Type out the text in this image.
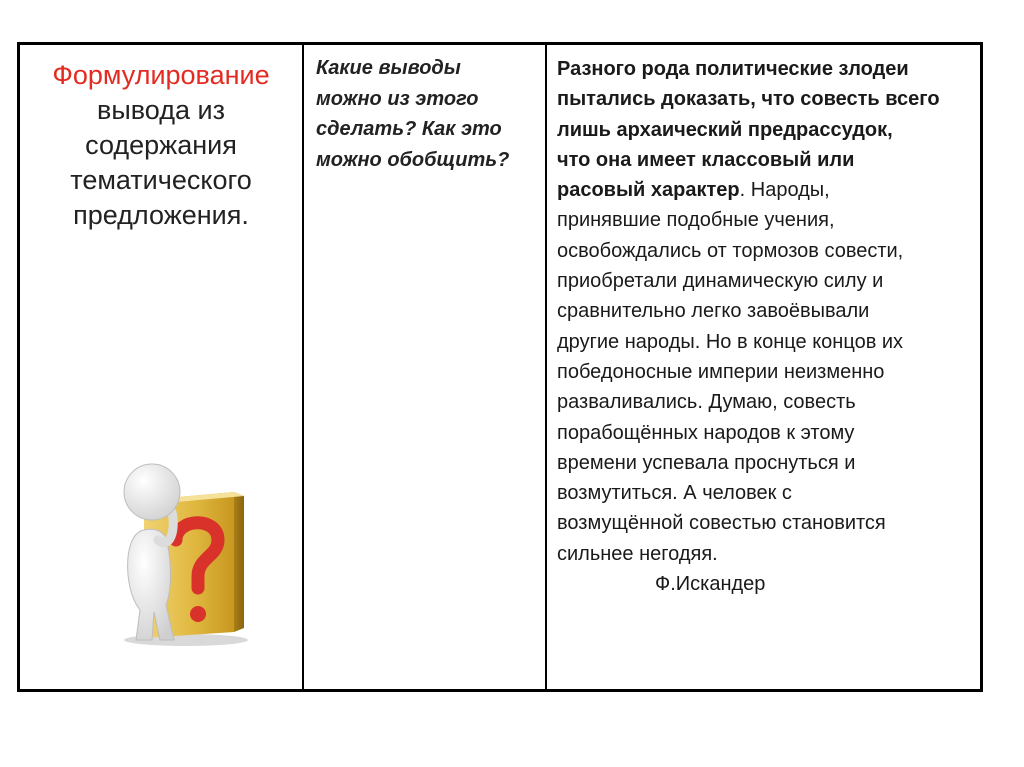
Формулирование
вывода из
содержания
тематического
предложения.
Какие выводы
можно из этого
сделать? Как это
можно обобщить?
Разного рода политические злодеи
пытались доказать, что совесть всего
лишь архаический предрассудок,
что она имеет классовый или
расовый характер. Народы,
принявшие подобные учения,
освобождались от тормозов совести,
приобретали динамическую силу и
сравнительно легко завоёвывали
другие народы. Но в конце концов их
победоносные империи неизменно
разваливались. Думаю, совесть
порабощённых народов к этому
времени успевала проснуться и
возмутиться. А человек с
возмущённой совестью становится
сильнее негодяя.
Ф.Искандер
